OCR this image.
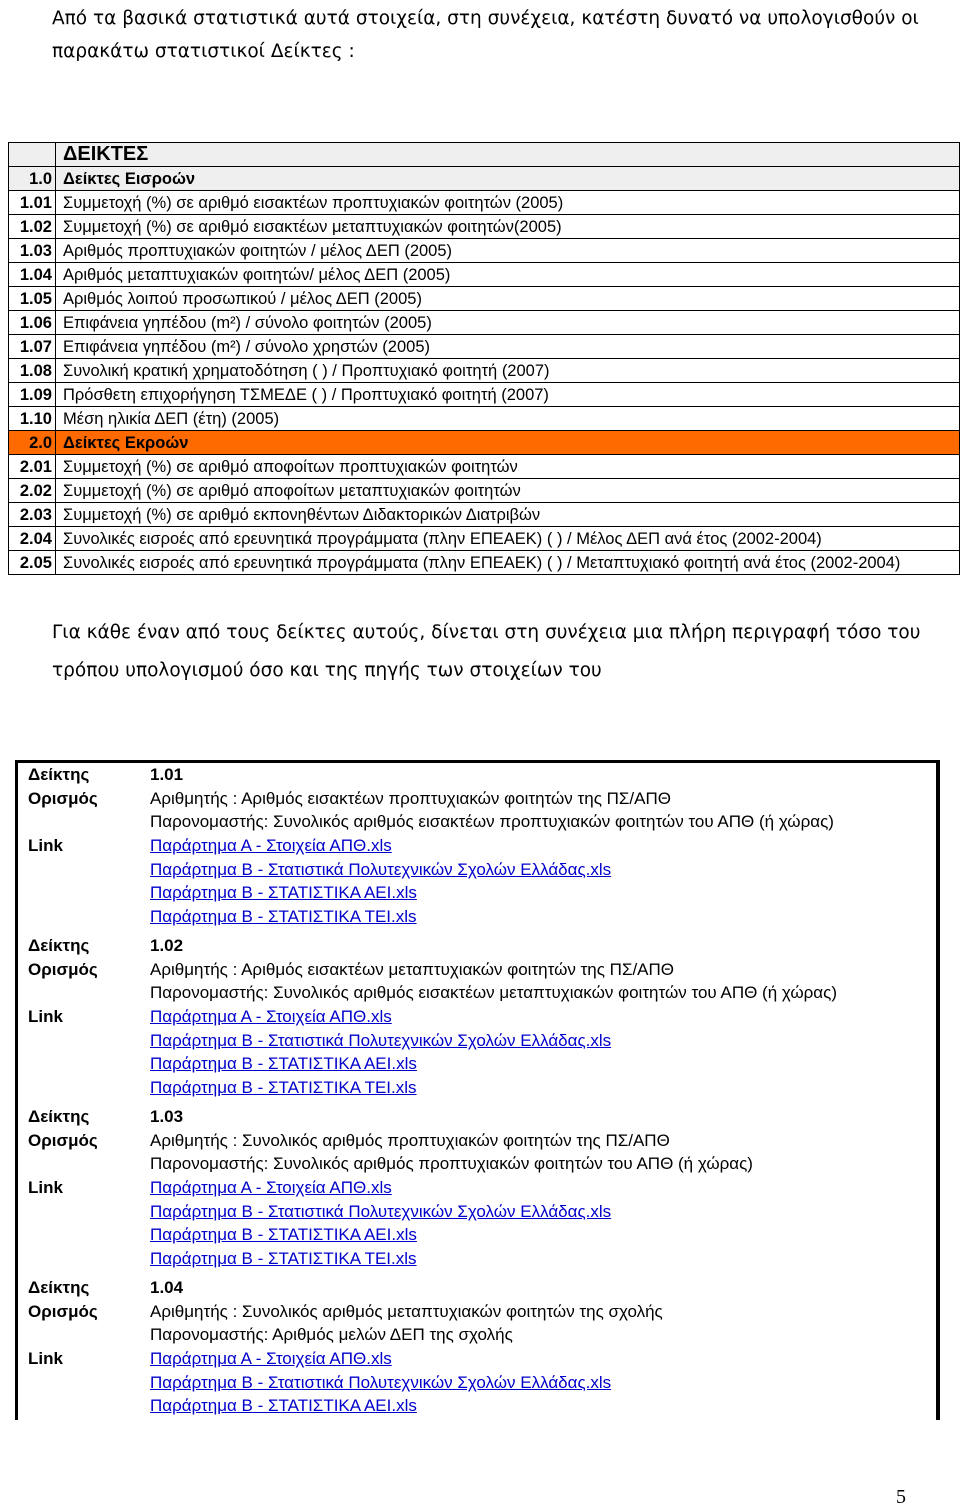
Από τα βασικά στατιστικά αυτά στοιχεία, στη συνέχεια, κατέστη δυνατό να υπολογισθούν οι παρακάτω στατιστικοί Δείκτες :

	ΔΕΙΚΤΕΣ
1.0	Δείκτες Εισροών
1.01	Συμμετοχή (%) σε αριθμό εισακτέων προπτυχιακών φοιτητών (2005)
1.02	Συμμετοχή (%) σε αριθμό εισακτέων μεταπτυχιακών φοιτητών(2005)
1.03	Αριθμός προπτυχιακών φοιτητών / μέλος ΔΕΠ (2005)
1.04	Αριθμός μεταπτυχιακών φοιτητών/ μέλος ΔΕΠ (2005)
1.05	Αριθμός λοιπού προσωπικού / μέλος ΔΕΠ (2005)
1.06	Επιφάνεια γηπέδου (m²) / σύνολο φοιτητών (2005)
1.07	Επιφάνεια γηπέδου (m²) / σύνολο χρηστών (2005)
1.08	Συνολική κρατική χρηματοδότηση ( ) / Προπτυχιακό φοιτητή (2007)
1.09	Πρόσθετη επιχορήγηση ΤΣΜΕΔΕ ( ) / Προπτυχιακό φοιτητή (2007)
1.10	Μέση ηλικία ΔΕΠ (έτη) (2005)
2.0	Δείκτες Εκροών
2.01	Συμμετοχή (%) σε αριθμό αποφοίτων προπτυχιακών φοιτητών
2.02	Συμμετοχή (%) σε αριθμό αποφοίτων μεταπτυχιακών φοιτητών
2.03	Συμμετοχή (%) σε αριθμό εκπονηθέντων Διδακτορικών Διατριβών
2.04	Συνολικές εισροές από ερευνητικά προγράμματα (πλην ΕΠΕΑΕΚ) ( ) / Μέλος ΔΕΠ ανά έτος (2002-2004)
2.05	Συνολικές εισροές από ερευνητικά προγράμματα (πλην ΕΠΕΑΕΚ) ( ) / Μεταπτυχιακό φοιτητή ανά έτος (2002-2004)

Για κάθε έναν από τους δείκτες αυτούς, δίνεται στη συνέχεια μια πλήρη περιγραφή τόσο του τρόπου υπολογισμού όσο και της πηγής των στοιχείων του

Δείκτης	1.01
Ορισμός	Αριθμητής : Αριθμός εισακτέων προπτυχιακών φοιτητών της ΠΣ/ΑΠΘ
Παρονομαστής: Συνολικός αριθμός εισακτέων προπτυχιακών φοιτητών του ΑΠΘ (ή χώρας)
Link	Παράρτημα Α - Στοιχεία ΑΠΘ.xls
Παράρτημα Β - Στατιστικά Πολυτεχνικών Σχολών Ελλάδας.xls
Παράρτημα Β - ΣΤΑΤΙΣΤΙΚΑ ΑΕΙ.xls
Παράρτημα Β - ΣΤΑΤΙΣΤΙΚΑ ΤΕΙ.xls
Δείκτης	1.02
Ορισμός	Αριθμητής : Αριθμός εισακτέων μεταπτυχιακών φοιτητών της ΠΣ/ΑΠΘ
Παρονομαστής: Συνολικός αριθμός εισακτέων μεταπτυχιακών φοιτητών του ΑΠΘ (ή χώρας)
Link	Παράρτημα Α - Στοιχεία ΑΠΘ.xls
Παράρτημα Β - Στατιστικά Πολυτεχνικών Σχολών Ελλάδας.xls
Παράρτημα Β - ΣΤΑΤΙΣΤΙΚΑ ΑΕΙ.xls
Παράρτημα Β - ΣΤΑΤΙΣΤΙΚΑ ΤΕΙ.xls
Δείκτης	1.03
Ορισμός	Αριθμητής : Συνολικός αριθμός προπτυχιακών φοιτητών της ΠΣ/ΑΠΘ
Παρονομαστής: Συνολικός αριθμός προπτυχιακών φοιτητών του ΑΠΘ (ή χώρας)
Link	Παράρτημα Α - Στοιχεία ΑΠΘ.xls
Παράρτημα Β - Στατιστικά Πολυτεχνικών Σχολών Ελλάδας.xls
Παράρτημα Β - ΣΤΑΤΙΣΤΙΚΑ ΑΕΙ.xls
Παράρτημα Β - ΣΤΑΤΙΣΤΙΚΑ ΤΕΙ.xls
Δείκτης	1.04
Ορισμός	Αριθμητής : Συνολικός αριθμός μεταπτυχιακών φοιτητών της σχολής
Παρονομαστής: Αριθμός μελών ΔΕΠ της σχολής
Link	Παράρτημα Α - Στοιχεία ΑΠΘ.xls
Παράρτημα Β - Στατιστικά Πολυτεχνικών Σχολών Ελλάδας.xls
Παράρτημα Β - ΣΤΑΤΙΣΤΙΚΑ ΑΕΙ.xls
5
